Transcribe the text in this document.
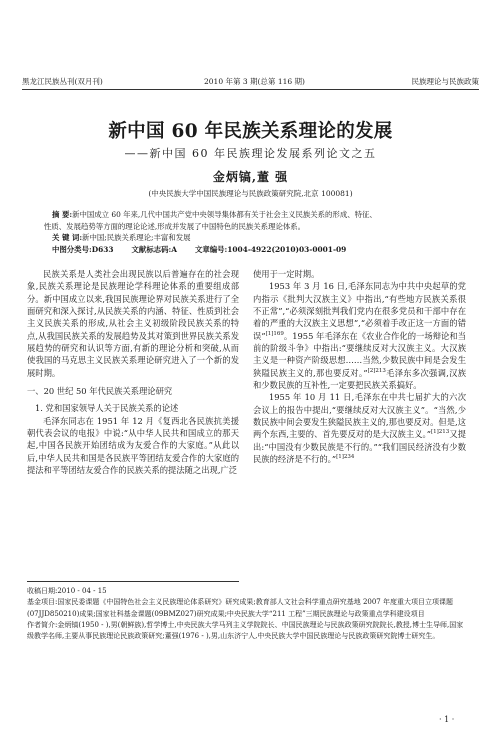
黑龙江民族丛刊(双月刊)	2010 年第 3 期(总第 116 期)	民族理论与民族政策
新中国 60 年民族关系理论的发展
——新中国 60 年民族理论发展系列论文之五
金炳镐,董 强
(中央民族大学中国民族理论与民族政策研究院,北京 100081)

摘 要:新中国成立 60 年来,几代中国共产党中央领导集体都有关于社会主义民族关系的形成、特征、

性质、发展趋势等方面的理论论述,形成并发展了中国特色的民族关系理论体系。

关 键 词:新中国;民族关系理论;丰富和发展

中图分类号:D633 文献标志码:A 文章编号:1004-4922(2010)03-0001-09

民族关系是人类社会出现民族以后普遍存在的社会现象,民族关系理论是民族理论学科理论体系的重要组成部分。新中国成立以来,我国民族理论界对民族关系进行了全面研究和深入探讨,从民族关系的内涵、特征、性质到社会主义民族关系的形成,从社会主义初级阶段民族关系的特点,从我国民族关系的发展趋势及其对策到世界民族关系发展趋势的研究和认识等方面,有新的理论分析和突破,从而使我国的马克思主义民族关系理论研究进入了一个新的发展时期。

一、20 世纪 50 年代民族关系理论研究
1. 党和国家领导人关于民族关系的论述

毛泽东同志在 1951 年 12 月《复西北各民族抗美援朝代表会议的电报》中说:“从中华人民共和国成立的那天起,中国各民族开始团结成为友爱合作的大家庭。”从此以后,中华人民共和国是各民族平等团结友爱合作的大家庭的提法和平等团结友爱合作的民族关系的提法随之出现,广泛

使用于一定时期。

1953 年 3 月 16 日,毛泽东同志为中共中央起草的党内指示《批判大汉族主义》中指出,“有些地方民族关系很不正常”,“必须深刻批判我们党内在很多党员和干部中存在着的严重的大汉族主义思想”,“必须着手改正这一方面的错误”$^{[1]169}$。1955 年毛泽东在《农业合作化的一场辩论和当前的阶级斗争》中指出:“要继续反对大汉族主义。大汉族主义是一种资产阶级思想……当然,少数民族中间是会发生狭隘民族主义的,那也要反对。”$^{[2]213}$毛泽东多次强调,汉族和少数民族的互补性,一定要把民族关系搞好。

1955 年 10 月 11 日,毛泽东在中共七届扩大的六次会议上的报告中提出,“要继续反对大汉族主义”。“当然,少数民族中间会要发生狭隘民族主义的,那也要反对。但是,这两个东西,主要的、首先要反对的是大汉族主义。”$^{[1]213}$又提出:“中国没有少数民族是不行的。”“我们国民经济没有少数民族的经济是不行的。”$^{[1]234}$

收稿日期:2010 - 04 - 15

基金项目:国家民委课题《中国特色社会主义民族理论体系研究》研究成果;教育部人文社会科学重点研究基地 2007 年度重大项目立项课题(07JJD850210)成果;国家社科基金课题(09BMZ027)研究成果;中央民族大学“211 工程”三期民族理论与政策重点学科建设项目

作者简介:金炳镐(1950 - ),男(朝鲜族),哲学博士,中央民族大学马列主义学院院长、中国民族理论与民族政策研究院院长,教授,博士生导师,国家级教学名师,主要从事民族理论民族政策研究;董强(1976 - ),男,山东济宁人,中央民族大学中国民族理论与民族政策研究院博士研究生。

· 1 ·
